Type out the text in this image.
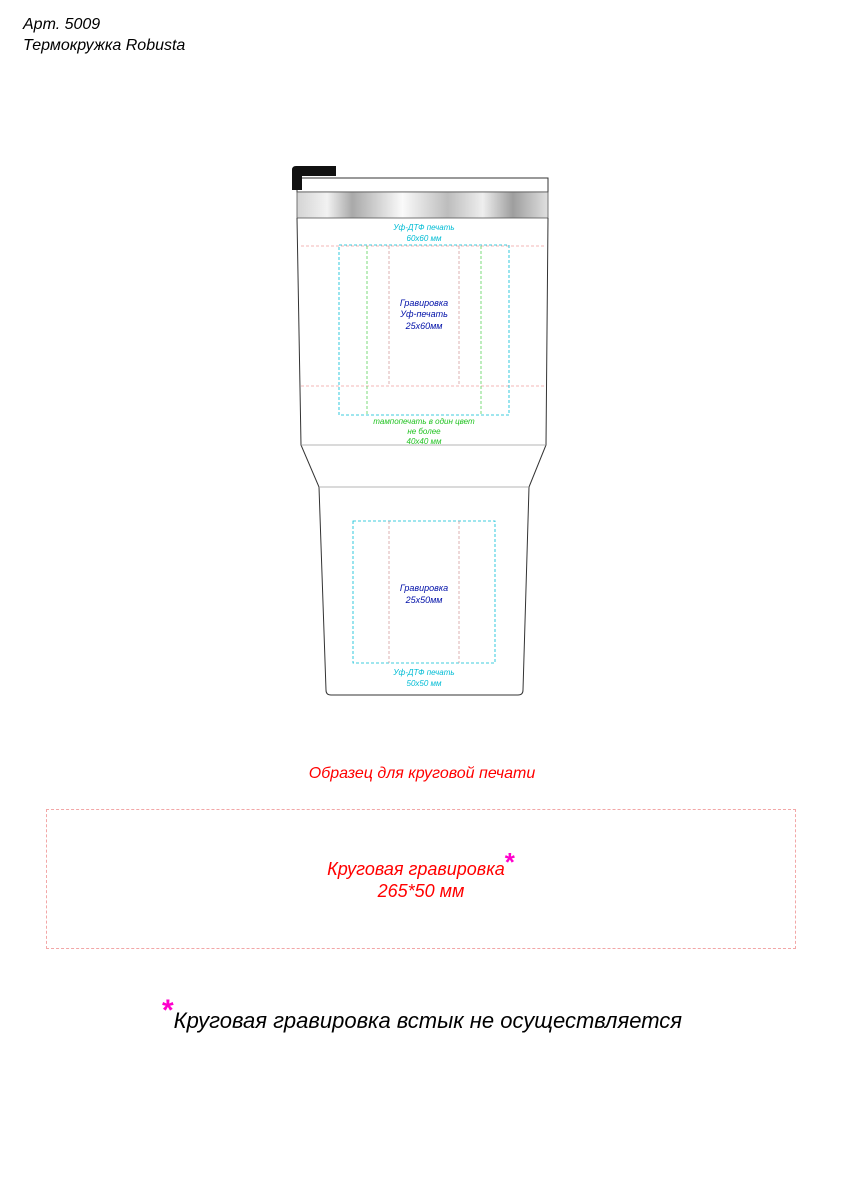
Арт. 5009
Термокружка Robusta
Уф-ДТФ печать
60х60 мм
Гравировка
Уф-печать
25х60мм
тампопечать в один цвет
не более
40х40 мм
Гравировка
25х50мм
Уф-ДТФ печать
50х50 мм
Образец для круговой печати
Круговая гравировка*
265*50 мм
*Круговая гравировка встык не осуществляется
